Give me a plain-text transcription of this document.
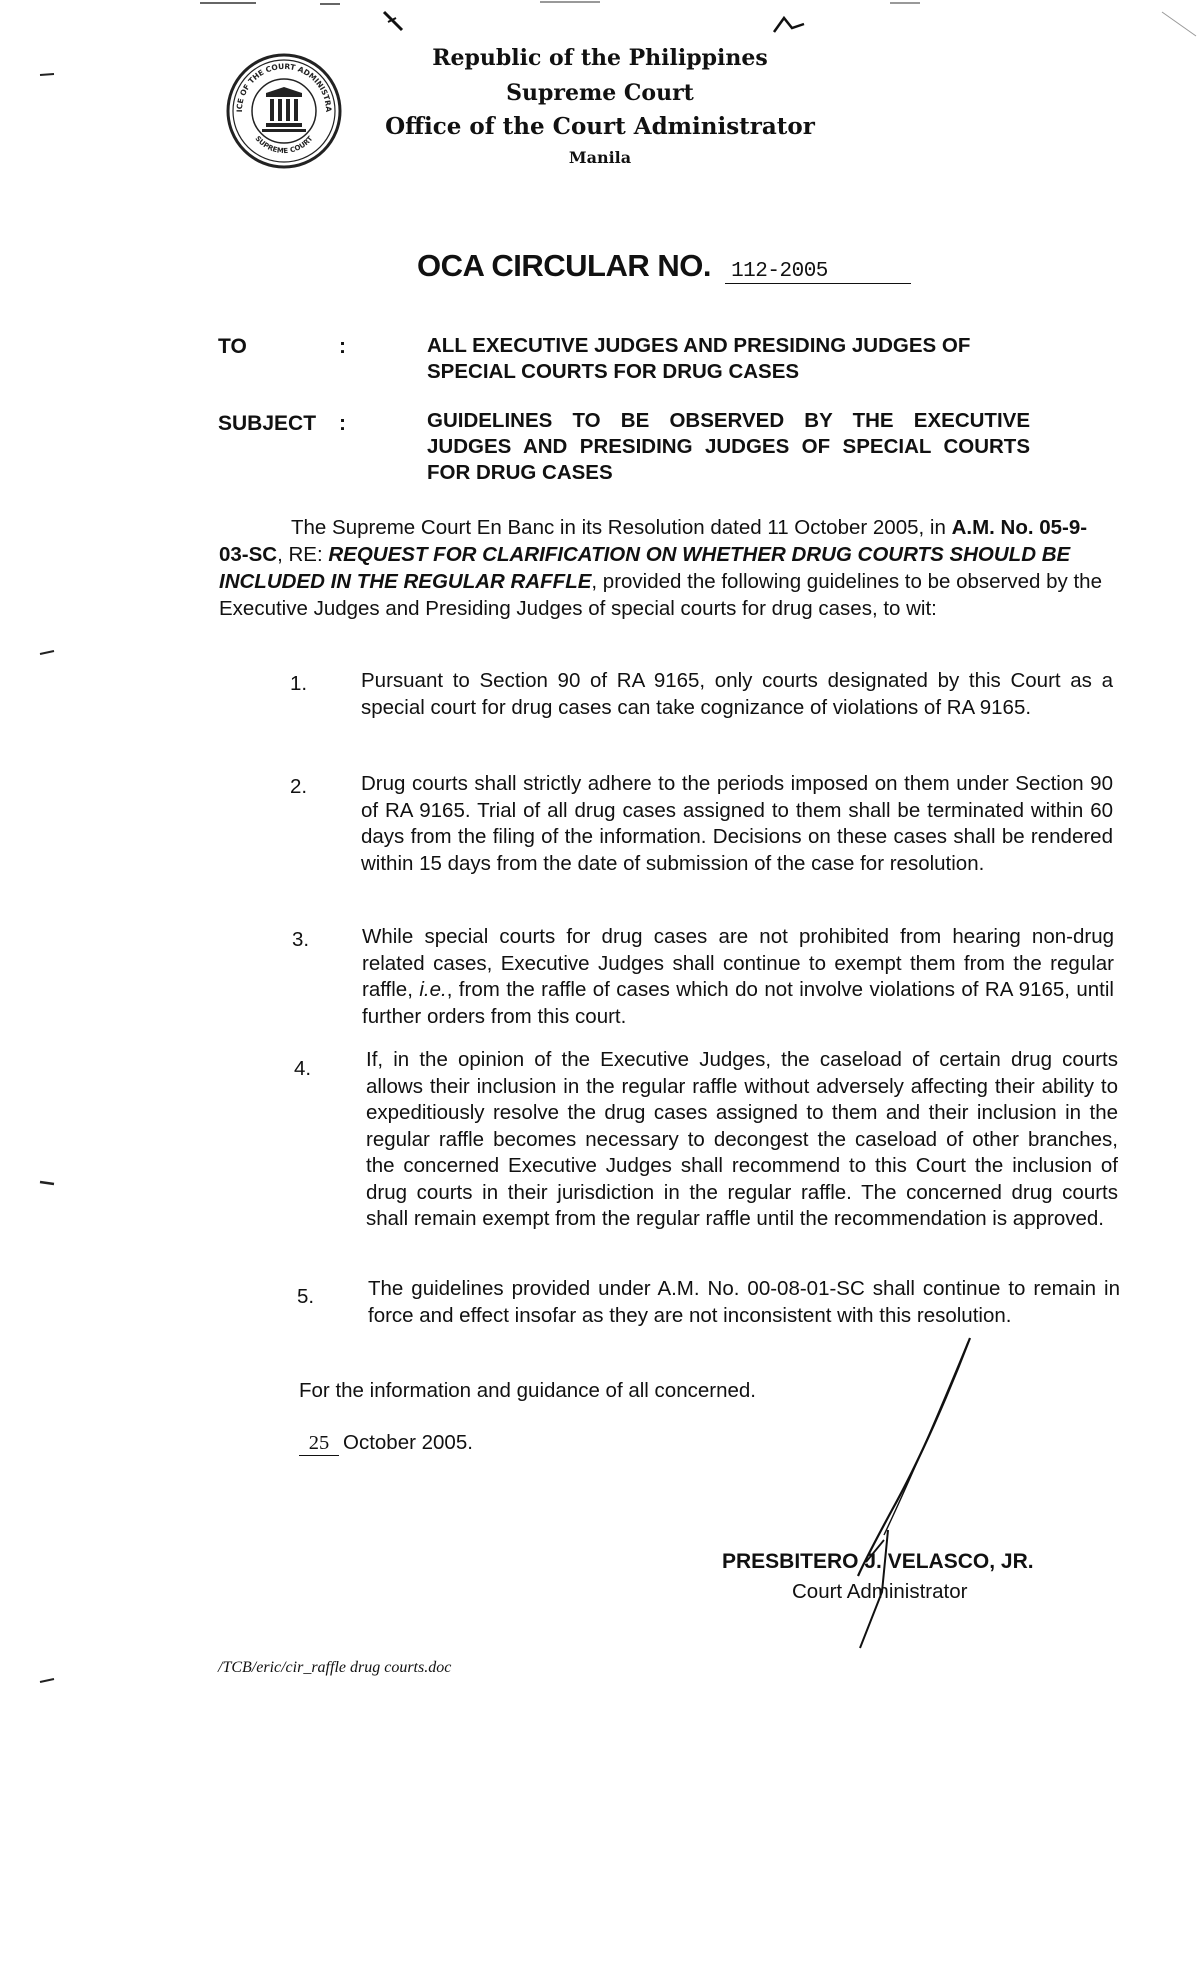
ICE OF THE COURT ADMINISTRA
SUPREME COURT
Republic of the Philippines
Supreme Court
Office of the Court Administrator
Manila
OCA CIRCULAR NO. 112-2005
TO	:	ALL EXECUTIVE JUDGES AND PRESIDING JUDGES OF SPECIAL COURTS FOR DRUG CASES
SUBJECT :	GUIDELINES TO BE OBSERVED BY THE EXECUTIVE JUDGES AND PRESIDING JUDGES OF SPECIAL COURTS FOR DRUG CASES
The Supreme Court En Banc in its Resolution dated 11 October 2005, in A.M. No. 05-9-03-SC, RE: REQUEST FOR CLARIFICATION ON WHETHER DRUG COURTS SHOULD BE INCLUDED IN THE REGULAR RAFFLE, provided the following guidelines to be observed by the Executive Judges and Presiding Judges of special courts for drug cases, to wit:
1.	Pursuant to Section 90 of RA 9165, only courts designated by this Court as a special court for drug cases can take cognizance of violations of RA 9165.
2.	Drug courts shall strictly adhere to the periods imposed on them under Section 90 of RA 9165. Trial of all drug cases assigned to them shall be terminated within 60 days from the filing of the information. Decisions on these cases shall be rendered within 15 days from the date of submission of the case for resolution.
3.	While special courts for drug cases are not prohibited from hearing non-drug related cases, Executive Judges shall continue to exempt them from the regular raffle, i.e., from the raffle of cases which do not involve violations of RA 9165, until further orders from this court.
4.	If, in the opinion of the Executive Judges, the caseload of certain drug courts allows their inclusion in the regular raffle without adversely affecting their ability to expeditiously resolve the drug cases assigned to them and their inclusion in the regular raffle becomes necessary to decongest the caseload of other branches, the concerned Executive Judges shall recommend to this Court the inclusion of drug courts in their jurisdiction in the regular raffle. The concerned drug courts shall remain exempt from the regular raffle until the recommendation is approved.
5.	The guidelines provided under A.M. No. 00-08-01-SC shall continue to remain in force and effect insofar as they are not inconsistent with this resolution.
For the information and guidance of all concerned.
25 October 2005.
PRESBITERO J. VELASCO, JR.
Court Administrator
/TCB/eric/cir_raffle drug courts.doc
